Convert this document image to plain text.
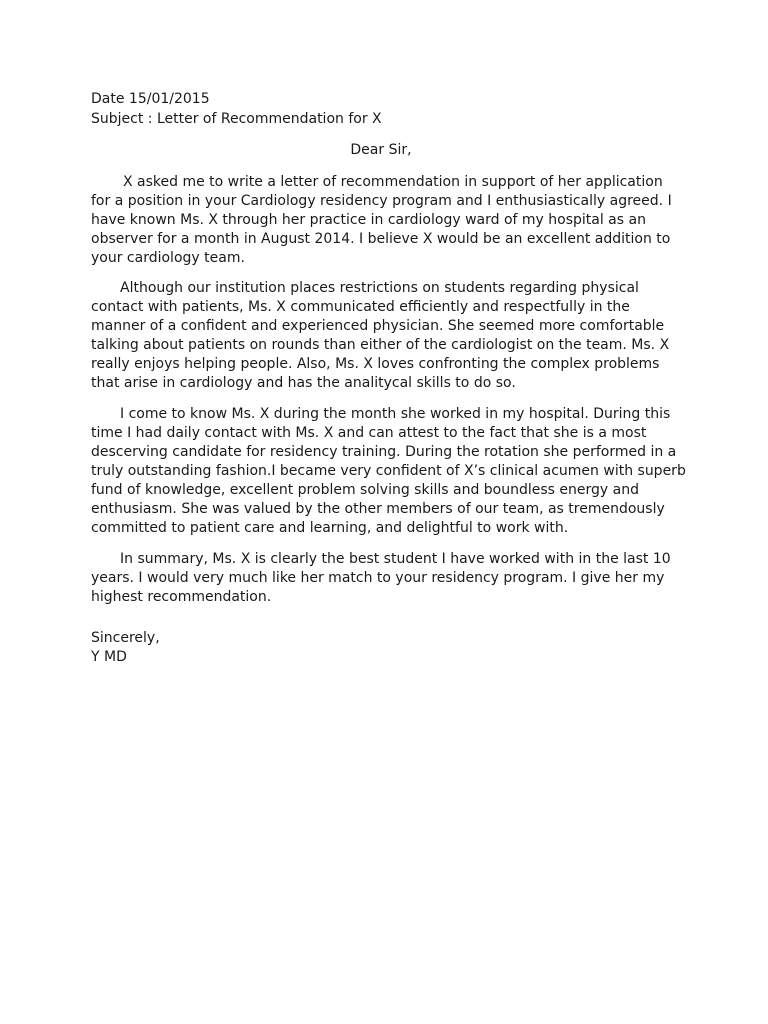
Date 15/01/2015

Subject : Letter of Recommendation for X

Dear Sir,

X asked me to write a letter of recommendation in support of her application
for a position in your Cardiology residency program and I enthusiastically agreed. I
have known Ms. X through her practice in cardiology ward of my hospital as an
observer for a month in August 2014. I believe X would be an excellent addition to
your cardiology team.
Although our institution places restrictions on students regarding physical
contact with patients, Ms. X communicated efficiently and respectfully in the
manner of a confident and experienced physician. She seemed more comfortable
talking about patients on rounds than either of the cardiologist on the team. Ms. X
really enjoys helping people. Also, Ms. X loves confronting the complex problems
that arise in cardiology and has the analitycal skills to do so.
I come to know Ms. X during the month she worked in my hospital. During this
time I had daily contact with Ms. X and can attest to the fact that she is a most
descerving candidate for residency training. During the rotation she performed in a
truly outstanding fashion.I became very confident of X’s clinical acumen with superb
fund of knowledge, excellent problem solving skills and boundless energy and
enthusiasm. She was valued by the other members of our team, as tremendously
committed to patient care and learning, and delightful to work with.
In summary, Ms. X is clearly the best student I have worked with in the last 10
years. I would very much like her match to your residency program. I give her my
highest recommendation.

Sincerely,

Y MD
